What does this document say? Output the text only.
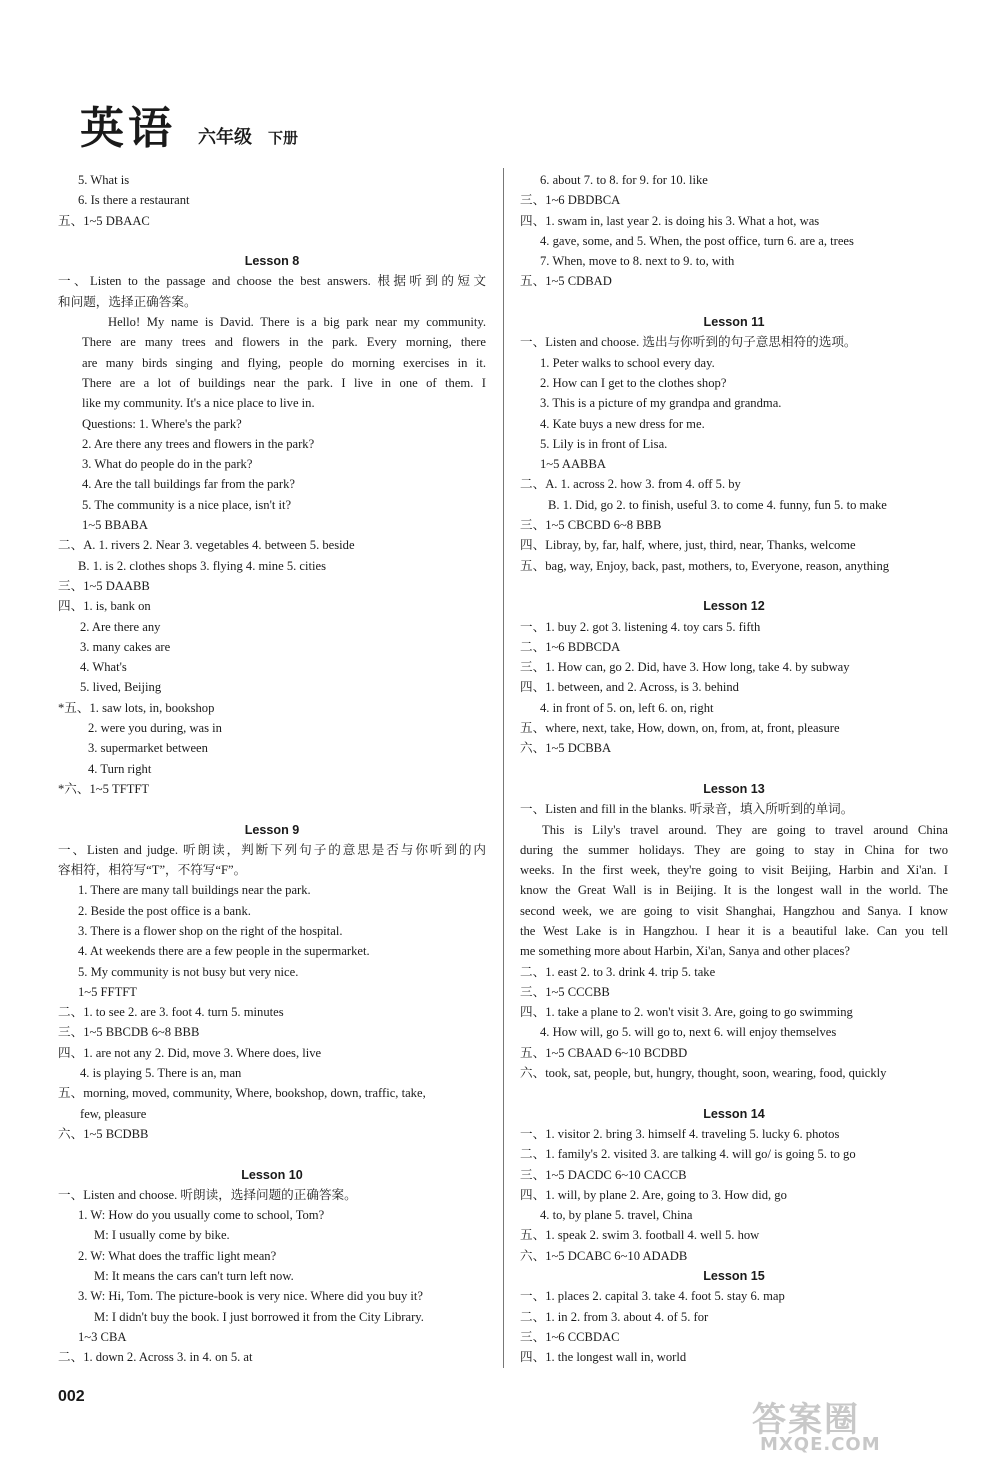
英语 六年级 下册
5. What is
6. Is there a restaurant
五、1~5 DBAAC
Lesson 8
一、Listen to the passage and choose the best answers. 根据听到的短文
和问题，选择正确答案。
Hello! My name is David. There is a big park near my community.
There are many trees and flowers in the park. Every morning, there
are many birds singing and flying, people do morning exercises in it.
There are a lot of buildings near the park. I live in one of them. I
like my community. It's a nice place to live in.
Questions: 1. Where's the park?
2. Are there any trees and flowers in the park?
3. What do people do in the park?
4. Are the tall buildings far from the park?
5. The community is a nice place, isn't it?
1~5 BBABA
二、A. 1. rivers 2. Near 3. vegetables 4. between 5. beside
B. 1. is 2. clothes shops 3. flying 4. mine 5. cities
三、1~5 DAABB
四、1. is, bank on
2. Are there any
3. many cakes are
4. What's
5. lived, Beijing
*五、1. saw lots, in, bookshop
2. were you during, was in
3. supermarket between
4. Turn right
*六、1~5 TFTFT
Lesson 9
一、Listen and judge. 听朗读，判断下列句子的意思是否与你听到的内
容相符，相符写“T”，不符写“F”。
1. There are many tall buildings near the park.
2. Beside the post office is a bank.
3. There is a flower shop on the right of the hospital.
4. At weekends there are a few people in the supermarket.
5. My community is not busy but very nice.
1~5 FFTFT
二、1. to see 2. are 3. foot 4. turn 5. minutes
三、1~5 BBCDB 6~8 BBB
四、1. are not any 2. Did, move 3. Where does, live
4. is playing 5. There is an, man
五、morning, moved, community, Where, bookshop, down, traffic, take,
few, pleasure
六、1~5 BCDBB
Lesson 10
一、Listen and choose. 听朗读，选择问题的正确答案。
1. W: How do you usually come to school, Tom?
M: I usually come by bike.
2. W: What does the traffic light mean?
M: It means the cars can't turn left now.
3. W: Hi, Tom. The picture-book is very nice. Where did you buy it?
M: I didn't buy the book. I just borrowed it from the City Library.
1~3 CBA
二、1. down 2. Across 3. in 4. on 5. at
6. about 7. to 8. for 9. for 10. like
三、1~6 DBDBCA
四、1. swam in, last year 2. is doing his 3. What a hot, was
4. gave, some, and 5. When, the post office, turn 6. are a, trees
7. When, move to 8. next to 9. to, with
五、1~5 CDBAD
Lesson 11
一、Listen and choose. 选出与你听到的句子意思相符的选项。
1. Peter walks to school every day.
2. How can I get to the clothes shop?
3. This is a picture of my grandpa and grandma.
4. Kate buys a new dress for me.
5. Lily is in front of Lisa.
1~5 AABBA
二、A. 1. across 2. how 3. from 4. off 5. by
B. 1. Did, go 2. to finish, useful 3. to come 4. funny, fun 5. to make
三、1~5 CBCBD 6~8 BBB
四、Libray, by, far, half, where, just, third, near, Thanks, welcome
五、bag, way, Enjoy, back, past, mothers, to, Everyone, reason, anything
Lesson 12
一、1. buy 2. got 3. listening 4. toy cars 5. fifth
二、1~6 BDBCDA
三、1. How can, go 2. Did, have 3. How long, take 4. by subway
四、1. between, and 2. Across, is 3. behind
4. in front of 5. on, left 6. on, right
五、where, next, take, How, down, on, from, at, front, pleasure
六、1~5 DCBBA
Lesson 13
一、Listen and fill in the blanks. 听录音，填入所听到的单词。
This is Lily's travel around. They are going to travel around China
during the summer holidays. They are going to stay in China for two
weeks. In the first week, they're going to visit Beijing, Harbin and Xi'an. I
know the Great Wall is in Beijing. It is the longest wall in the world. The
second week, we are going to visit Shanghai, Hangzhou and Sanya. I know
the West Lake is in Hangzhou. I hear it is a beautiful lake. Can you tell
me something more about Harbin, Xi'an, Sanya and other places?
二、1. east 2. to 3. drink 4. trip 5. take
三、1~5 CCCBB
四、1. take a plane to 2. won't visit 3. Are, going to go swimming
4. How will, go 5. will go to, next 6. will enjoy themselves
五、1~5 CBAAD 6~10 BCDBD
六、took, sat, people, but, hungry, thought, soon, wearing, food, quickly
Lesson 14
一、1. visitor 2. bring 3. himself 4. traveling 5. lucky 6. photos
二、1. family's 2. visited 3. are talking 4. will go/ is going 5. to go
三、1~5 DACDC 6~10 CACCB
四、1. will, by plane 2. Are, going to 3. How did, go
4. to, by plane 5. travel, China
五、1. speak 2. swim 3. football 4. well 5. how
六、1~5 DCABC 6~10 ADADB
Lesson 15
一、1. places 2. capital 3. take 4. foot 5. stay 6. map
二、1. in 2. from 3. about 4. of 5. for
三、1~6 CCBDAC
四、1. the longest wall in, world
002
答案圈
MXQE.COM
